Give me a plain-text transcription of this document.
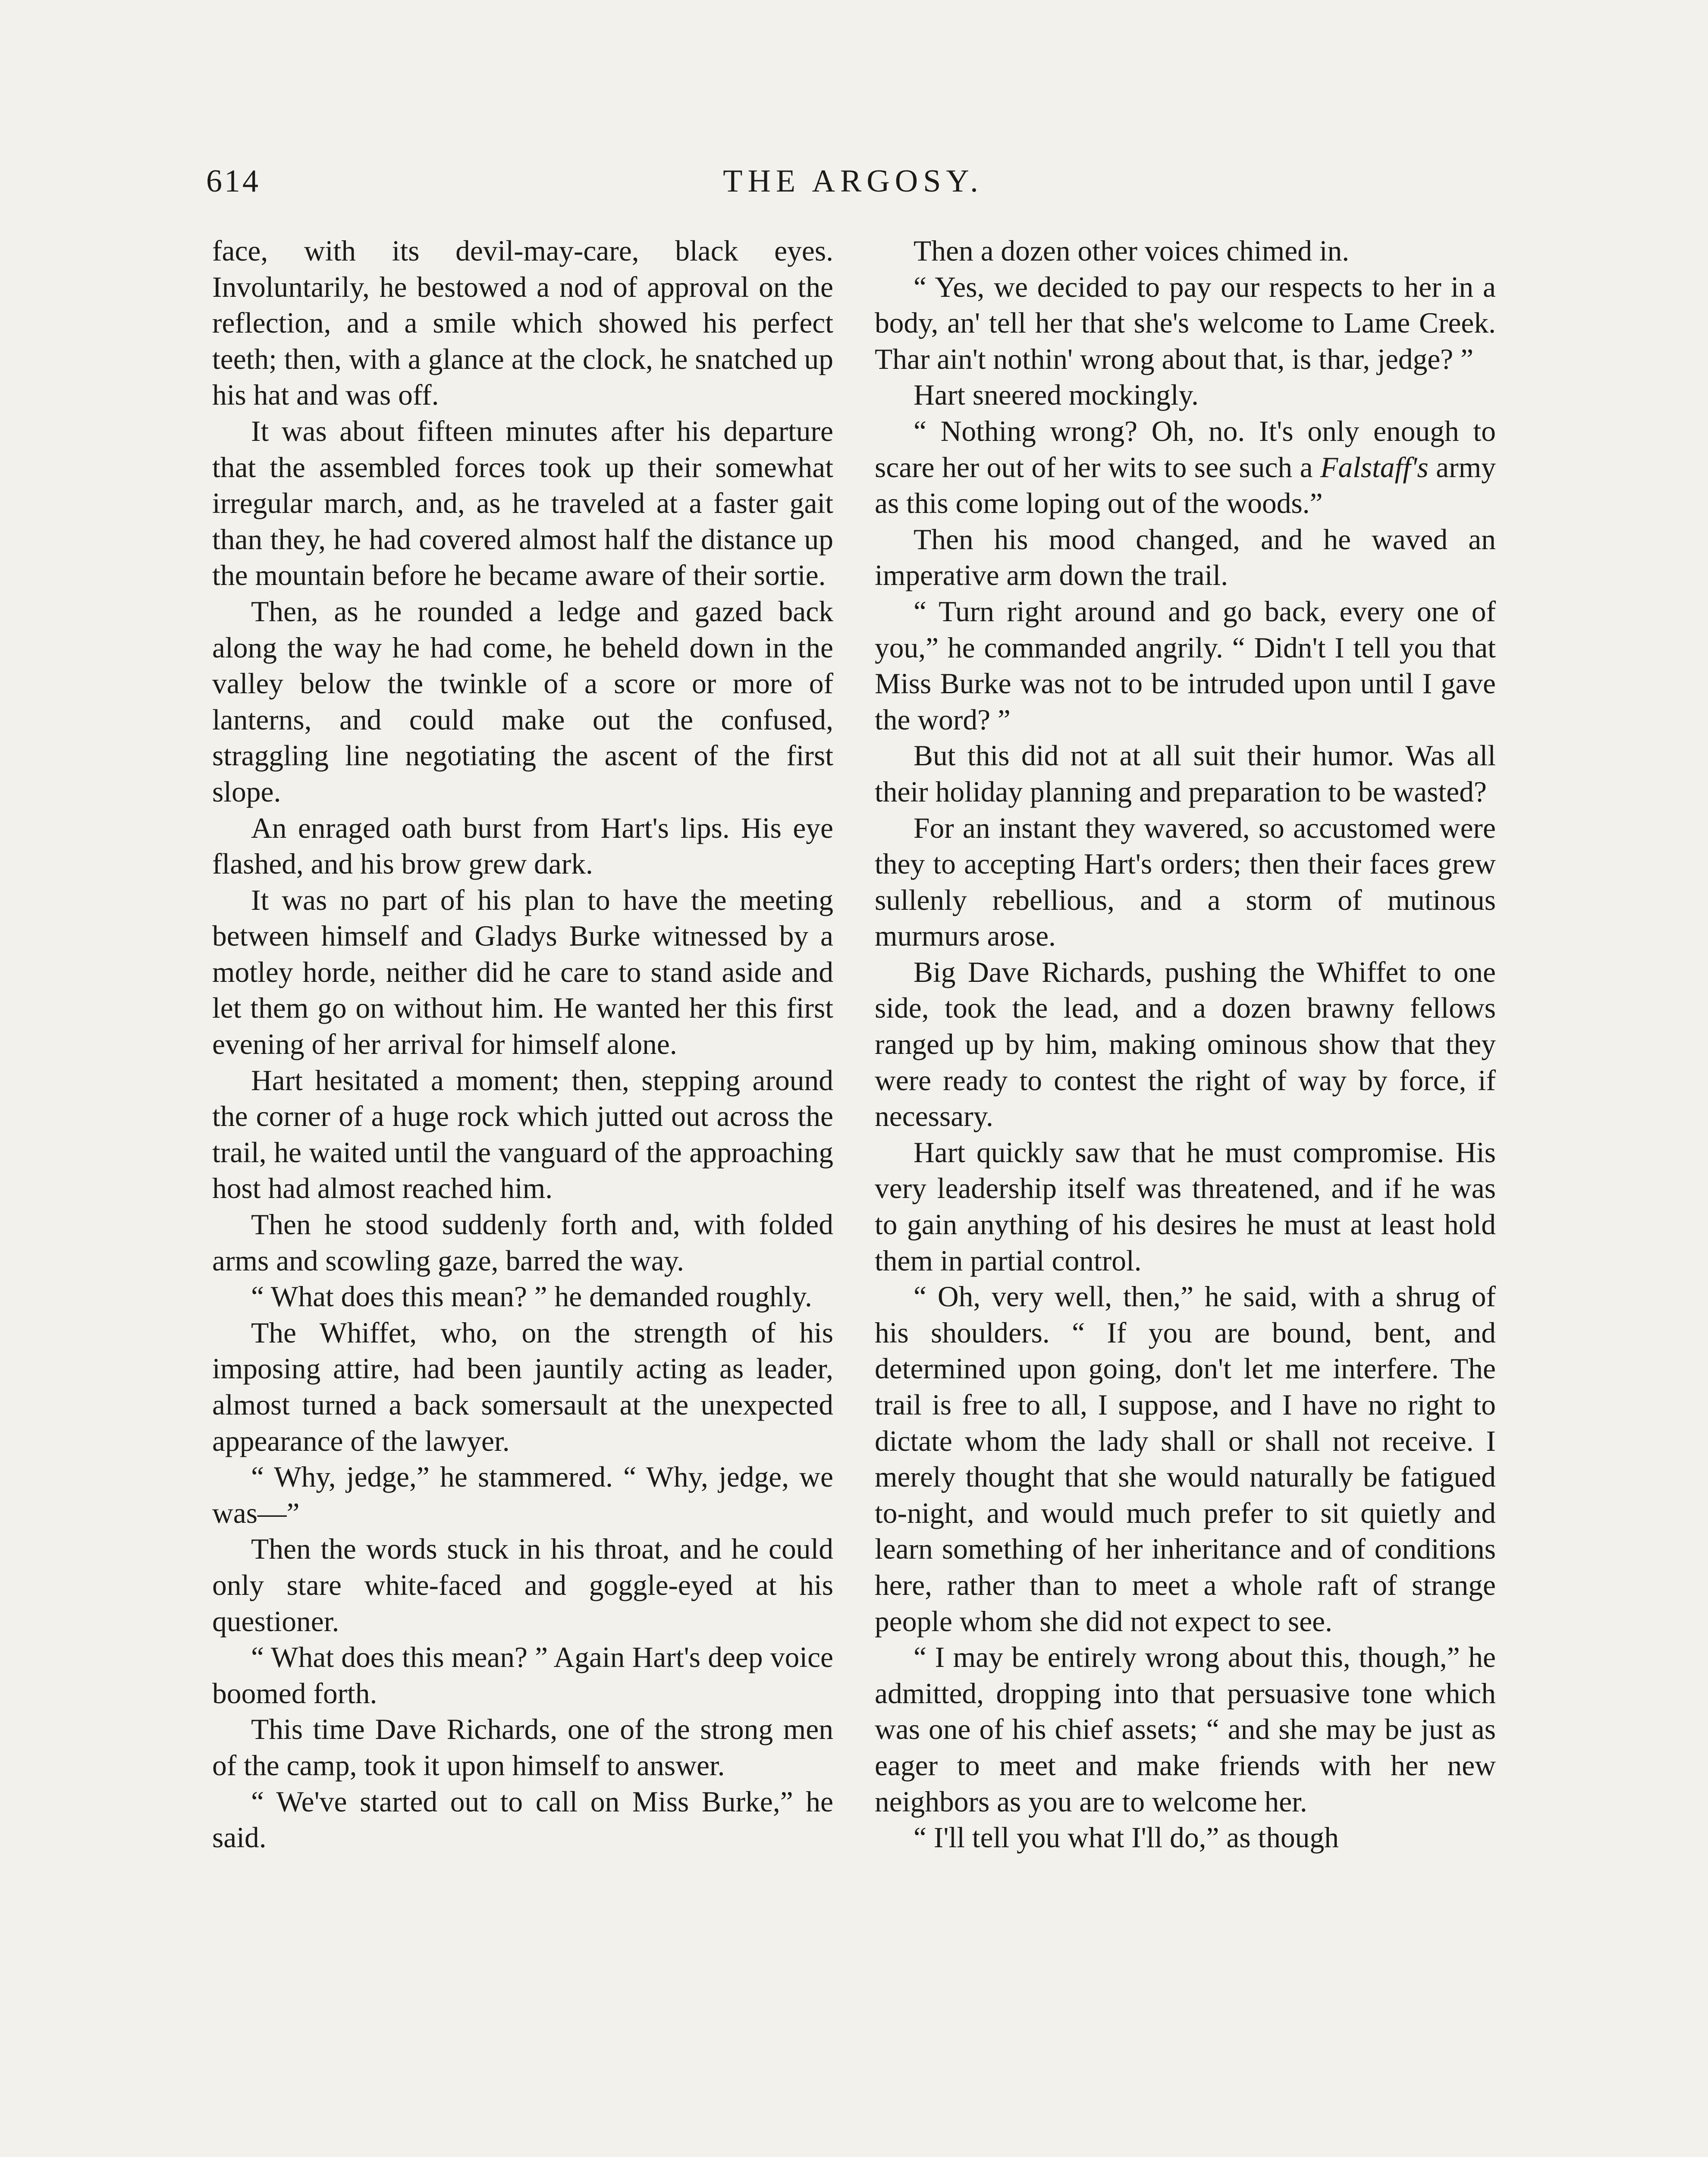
614	THE ARGOSY.

face, with its devil-may-care, black eyes. Involuntarily, he bestowed a nod of approval on the reflection, and a smile which showed his perfect teeth; then, with a glance at the clock, he snatched up his hat and was off.

It was about fifteen minutes after his departure that the assembled forces took up their somewhat irregular march, and, as he traveled at a faster gait than they, he had covered almost half the distance up the mountain before he became aware of their sortie.

Then, as he rounded a ledge and gazed back along the way he had come, he beheld down in the valley below the twinkle of a score or more of lanterns, and could make out the confused, straggling line negotiating the ascent of the first slope.

An enraged oath burst from Hart's lips. His eye flashed, and his brow grew dark.

It was no part of his plan to have the meeting between himself and Gladys Burke witnessed by a motley horde, neither did he care to stand aside and let them go on without him. He wanted her this first evening of her arrival for himself alone.

Hart hesitated a moment; then, stepping around the corner of a huge rock which jutted out across the trail, he waited until the vanguard of the approaching host had almost reached him.

Then he stood suddenly forth and, with folded arms and scowling gaze, barred the way.

“ What does this mean? ” he demanded roughly.

The Whiffet, who, on the strength of his imposing attire, had been jauntily acting as leader, almost turned a back somersault at the unexpected appearance of the lawyer.

“ Why, jedge,” he stammered. “ Why, jedge, we was—”

Then the words stuck in his throat, and he could only stare white-faced and goggle-eyed at his questioner.

“ What does this mean? ” Again Hart's deep voice boomed forth.

This time Dave Richards, one of the strong men of the camp, took it upon himself to answer.

“ We've started out to call on Miss Burke,” he said.

Then a dozen other voices chimed in.

“ Yes, we decided to pay our respects to her in a body, an' tell her that she's welcome to Lame Creek. Thar ain't nothin' wrong about that, is thar, jedge? ”

Hart sneered mockingly.

“ Nothing wrong? Oh, no. It's only enough to scare her out of her wits to see such a Falstaff's army as this come loping out of the woods.”

Then his mood changed, and he waved an imperative arm down the trail.

“ Turn right around and go back, every one of you,” he commanded angrily. “ Didn't I tell you that Miss Burke was not to be intruded upon until I gave the word? ”

But this did not at all suit their humor. Was all their holiday planning and preparation to be wasted?

For an instant they wavered, so accustomed were they to accepting Hart's orders; then their faces grew sullenly rebellious, and a storm of mutinous murmurs arose.

Big Dave Richards, pushing the Whiffet to one side, took the lead, and a dozen brawny fellows ranged up by him, making ominous show that they were ready to contest the right of way by force, if necessary.

Hart quickly saw that he must compromise. His very leadership itself was threatened, and if he was to gain anything of his desires he must at least hold them in partial control.

“ Oh, very well, then,” he said, with a shrug of his shoulders. “ If you are bound, bent, and determined upon going, don't let me interfere. The trail is free to all, I suppose, and I have no right to dictate whom the lady shall or shall not receive. I merely thought that she would naturally be fatigued to-night, and would much prefer to sit quietly and learn something of her inheritance and of conditions here, rather than to meet a whole raft of strange people whom she did not expect to see.

“ I may be entirely wrong about this, though,” he admitted, dropping into that persuasive tone which was one of his chief assets; “ and she may be just as eager to meet and make friends with her new neighbors as you are to welcome her.

“ I'll tell you what I'll do,” as though
